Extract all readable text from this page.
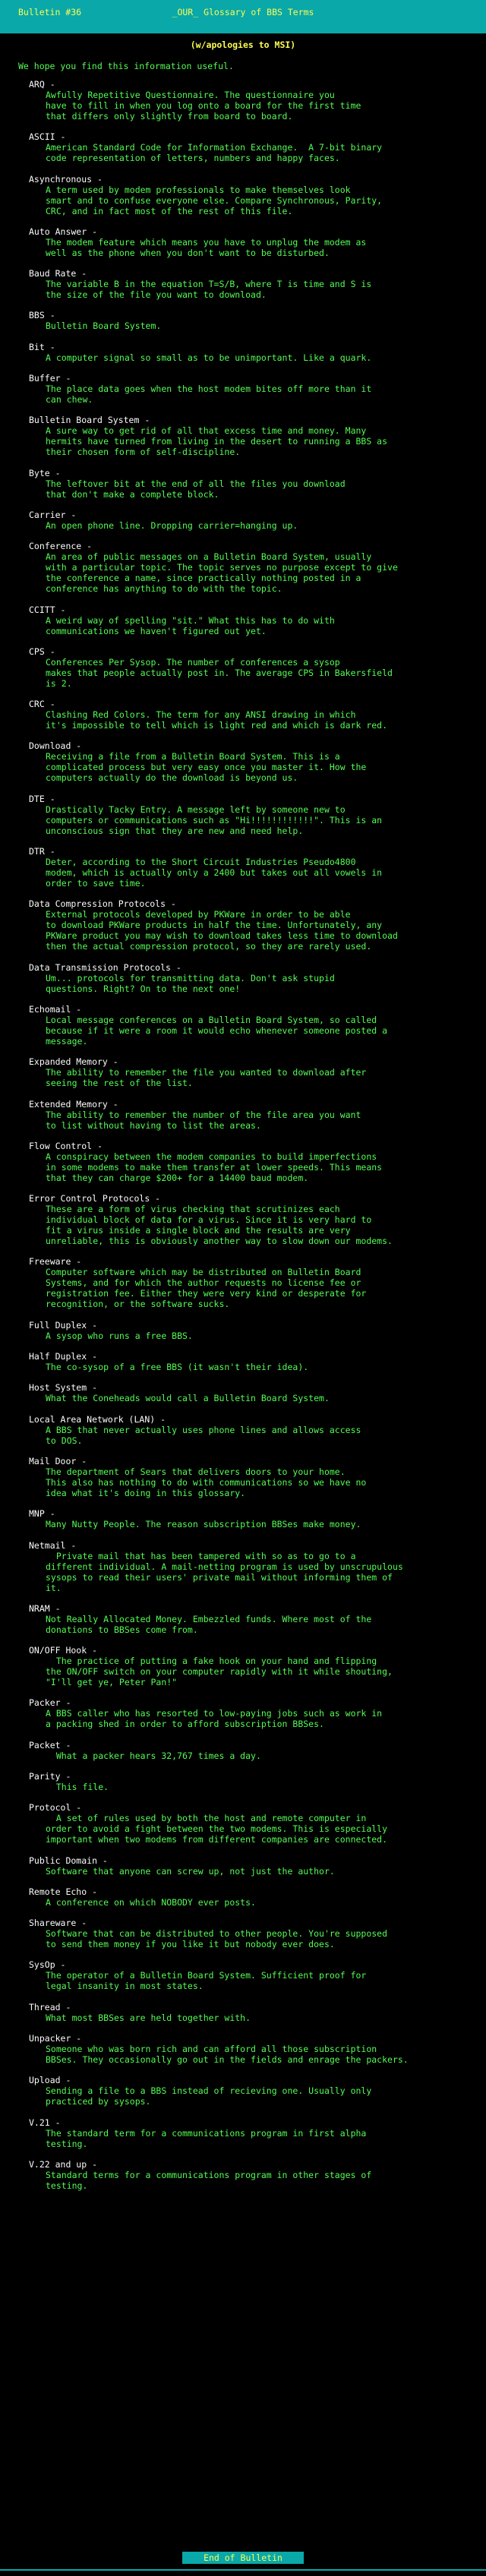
Bulletin #36	_OUR_ Glossary of BBS Terms
(w/apologies to MSI)
We hope you find this information useful.
ARQ -
Awfully Repetitive Questionnaire. The questionnaire you
have to fill in when you log onto a board for the first time
that differs only slightly from board to board.
ASCII -
American Standard Code for Information Exchange.  A 7-bit binary
code representation of letters, numbers and happy faces.
Asynchronous -
A term used by modem professionals to make themselves look
smart and to confuse everyone else. Compare Synchronous, Parity,
CRC, and in fact most of the rest of this file.
Auto Answer -
The modem feature which means you have to unplug the modem as
well as the phone when you don't want to be disturbed.
Baud Rate -
The variable B in the equation T=S/B, where T is time and S is
the size of the file you want to download.
BBS -
Bulletin Board System.
Bit -
A computer signal so small as to be unimportant. Like a quark.
Buffer -
The place data goes when the host modem bites off more than it
can chew.
Bulletin Board System -
A sure way to get rid of all that excess time and money. Many
hermits have turned from living in the desert to running a BBS as
their chosen form of self-discipline.
Byte -
The leftover bit at the end of all the files you download
that don't make a complete block.
Carrier -
An open phone line. Dropping carrier=hanging up.
Conference -
An area of public messages on a Bulletin Board System, usually
with a particular topic. The topic serves no purpose except to give
the conference a name, since practically nothing posted in a
conference has anything to do with the topic.
CCITT -
A weird way of spelling "sit." What this has to do with
communications we haven't figured out yet.
CPS -
Conferences Per Sysop. The number of conferences a sysop
makes that people actually post in. The average CPS in Bakersfield
is 2.
CRC -
Clashing Red Colors. The term for any ANSI drawing in which
it's impossible to tell which is light red and which is dark red.
Download -
Receiving a file from a Bulletin Board System. This is a
complicated process but very easy once you master it. How the
computers actually do the download is beyond us.
DTE -
Drastically Tacky Entry. A message left by someone new to
computers or communications such as "Hi!!!!!!!!!!!!". This is an
unconscious sign that they are new and need help.
DTR -
Deter, according to the Short Circuit Industries Pseudo4800
modem, which is actually only a 2400 but takes out all vowels in
order to save time.
Data Compression Protocols -
External protocols developed by PKWare in order to be able
to download PKWare products in half the time. Unfortunately, any
PKWare product you may wish to download takes less time to download
then the actual compression protocol, so they are rarely used.
Data Transmission Protocols -
Um... protocols for transmitting data. Don't ask stupid
questions. Right? On to the next one!
Echomail -
Local message conferences on a Bulletin Board System, so called
because if it were a room it would echo whenever someone posted a
message.
Expanded Memory -
The ability to remember the file you wanted to download after
seeing the rest of the list.
Extended Memory -
The ability to remember the number of the file area you want
to list without having to list the areas.
Flow Control -
A conspiracy between the modem companies to build imperfections
in some modems to make them transfer at lower speeds. This means
that they can charge $200+ for a 14400 baud modem.
Error Control Protocols -
These are a form of virus checking that scrutinizes each
individual block of data for a virus. Since it is very hard to
fit a virus inside a single block and the results are very
unreliable, this is obviously another way to slow down our modems.
Freeware -
Computer software which may be distributed on Bulletin Board
Systems, and for which the author requests no license fee or
registration fee. Either they were very kind or desperate for
recognition, or the software sucks.
Full Duplex -
A sysop who runs a free BBS.
Half Duplex -
The co-sysop of a free BBS (it wasn't their idea).
Host System -
What the Coneheads would call a Bulletin Board System.
Local Area Network (LAN) -
A BBS that never actually uses phone lines and allows access
to DOS.
Mail Door -
The department of Sears that delivers doors to your home.
This also has nothing to do with communications so we have no
idea what it's doing in this glossary.
MNP -
Many Nutty People. The reason subscription BBSes make money.
Netmail -
Private mail that has been tampered with so as to go to a
different individual. A mail-netting program is used by unscrupulous
sysops to read their users' private mail without informing them of
it.
NRAM -
Not Really Allocated Money. Embezzled funds. Where most of the
donations to BBSes come from.
ON/OFF Hook -
The practice of putting a fake hook on your hand and flipping
the ON/OFF switch on your computer rapidly with it while shouting,
"I'll get ye, Peter Pan!"
Packer -
A BBS caller who has resorted to low-paying jobs such as work in
a packing shed in order to afford subscription BBSes.
Packet -
What a packer hears 32,767 times a day.
Parity -
This file.
Protocol -
A set of rules used by both the host and remote computer in
order to avoid a fight between the two modems. This is especially
important when two modems from different companies are connected.
Public Domain -
Software that anyone can screw up, not just the author.
Remote Echo -
A conference on which NOBODY ever posts.
Shareware -
Software that can be distributed to other people. You're supposed
to send them money if you like it but nobody ever does.
SysOp -
The operator of a Bulletin Board System. Sufficient proof for
legal insanity in most states.
Thread -
What most BBSes are held together with.
Unpacker -
Someone who was born rich and can afford all those subscription
BBSes. They occasionally go out in the fields and enrage the packers.
Upload -
Sending a file to a BBS instead of recieving one. Usually only
practiced by sysops.
V.21 -
The standard term for a communications program in first alpha
testing.
V.22 and up -
Standard terms for a communications program in other stages of
testing.
End of Bulletin
